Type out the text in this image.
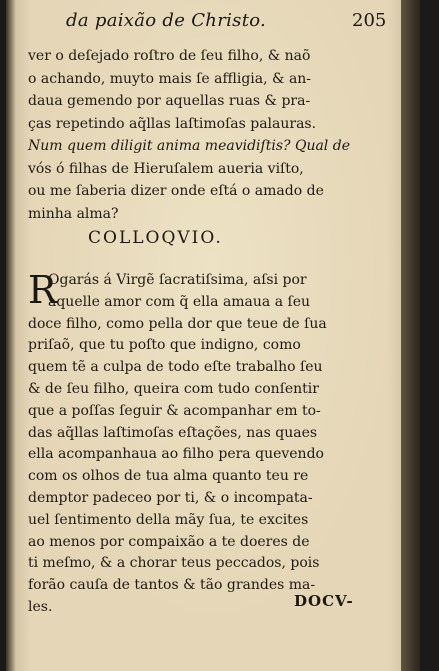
da paixão de Christo.	205
ver o deſejado roſtro de ſeu filho, & naõ
o achando, muyto mais ſe affligia, & an-
daua gemendo por aquellas ruas & pra-
ças repetindo aq̃llas laſtimoſas palauras.
Num quem diligit anima meavidiſtis? Qual de
vós ó filhas de Hieruſalem aueria viſto,
ou me ſaberia dizer onde eſtá o amado de
minha alma?
COLLOQVIO.
R
Ogarás á Virgẽ ſacratiſsima, aſsi por
aquelle amor com q̃ ella amaua a ſeu
doce filho, como pella dor que teue de ſua
priſaõ, que tu poſto que indigno, como
quem tẽ a culpa de todo eſte trabalho ſeu
& de ſeu filho, queira com tudo conſentir
que a poſſas ſeguir & acompanhar em to-
das aq̃llas laſtimoſas eſtações, nas quaes
ella acompanhaua ao filho pera quevendo
com os olhos de tua alma quanto teu re
demptor padeceo por ti, & o incompata-
uel ſentimento della mãy ſua, te excites
ao menos por compaixão a te doeres de
ti meſmo, & a chorar teus peccados, pois
forão cauſa de tantos & tão grandes ma-
les.	DOCV-
